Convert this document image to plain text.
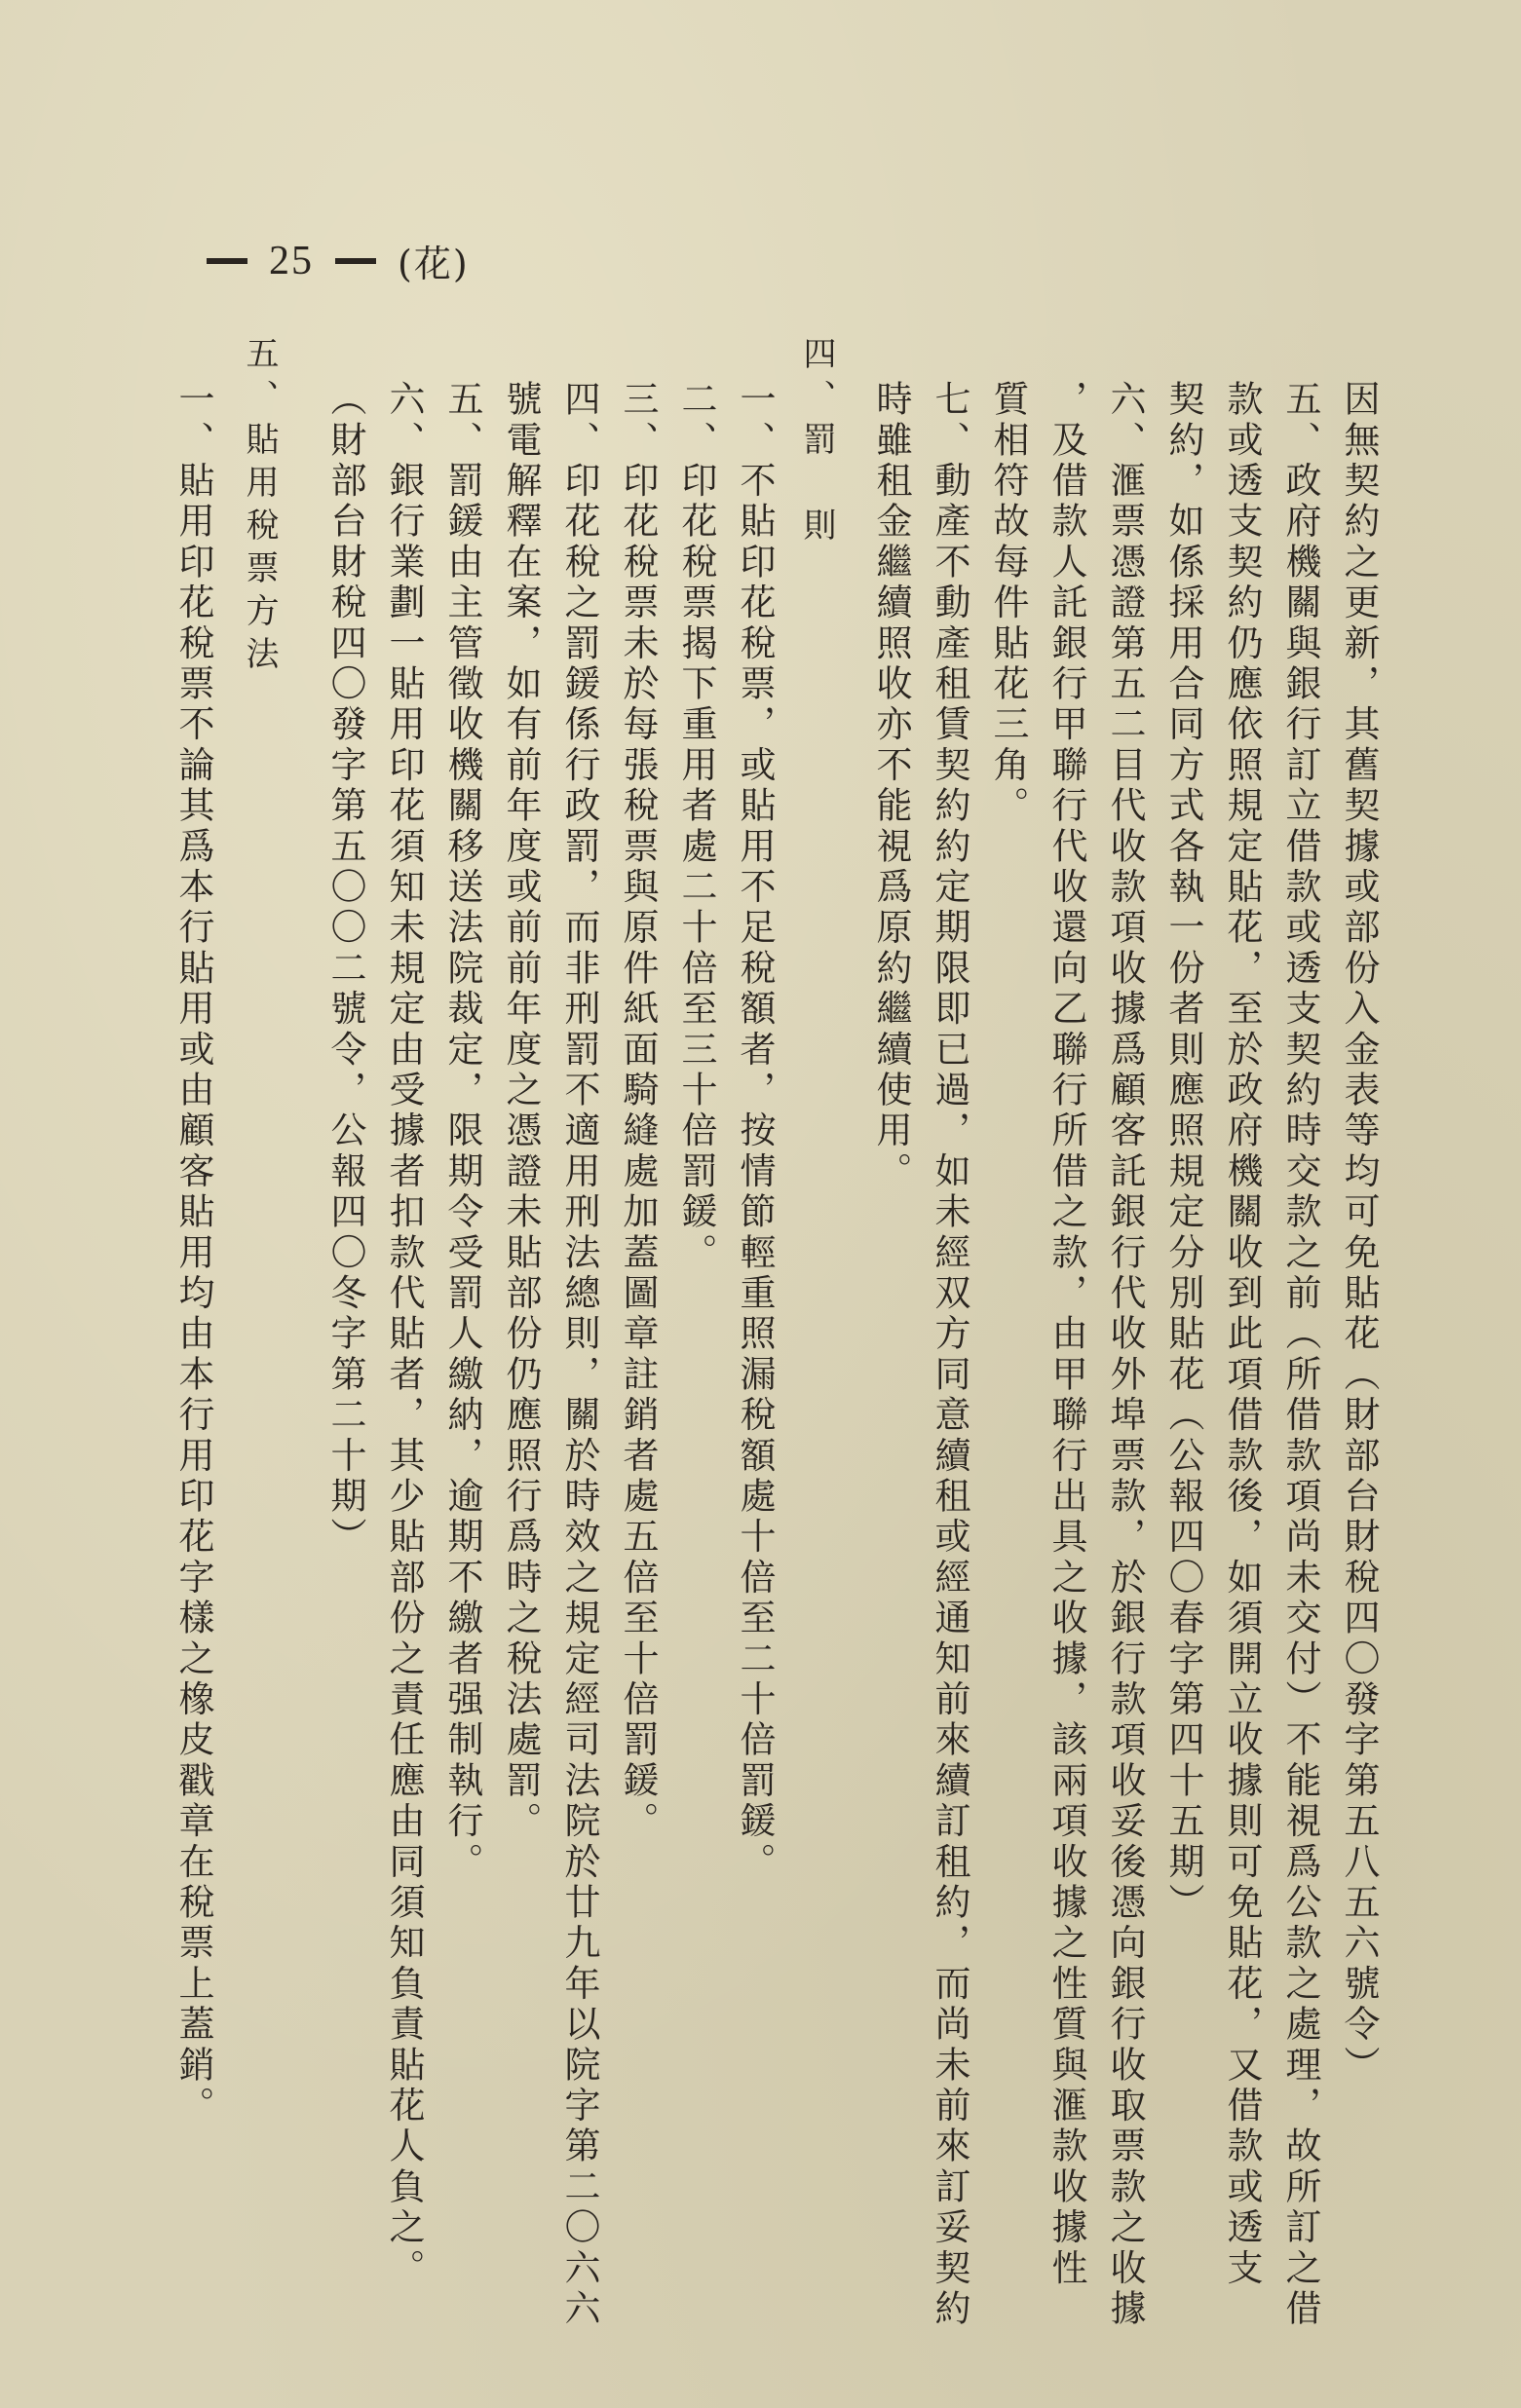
25 (花)
因無契約之更新，其舊契據或部份入金表等均可免貼花（財部台財稅四〇發字第五八五六號令）
五、政府機關與銀行訂立借款或透支契約時交款之前（所借款項尚未交付）不能視爲公款之處理，故所訂之借
款或透支契約仍應依照規定貼花，至於政府機關收到此項借款後，如須開立收據則可免貼花，又借款或透支
契約，如係採用合同方式各執一份者則應照規定分別貼花（公報四〇春字第四十五期）
六、滙票憑證第五二目代收款項收據爲顧客託銀行代收外埠票款，於銀行款項收妥後憑向銀行收取票款之收據
，及借款人託銀行甲聯行代收還向乙聯行所借之款，由甲聯行出具之收據，該兩項收據之性質與滙款收據性
質相符故每件貼花三角。
七、動產不動產租賃契約約定期限即已過，如未經双方同意續租或經通知前來續訂租約，而尚未前來訂妥契約
時雖租金繼續照收亦不能視爲原約繼續使用。
四、罰　則
一、不貼印花稅票，或貼用不足稅額者，按情節輕重照漏稅額處十倍至二十倍罰鍰。
二、印花稅票揭下重用者處二十倍至三十倍罰鍰。
三、印花稅票未於每張稅票與原件紙面騎縫處加蓋圖章註銷者處五倍至十倍罰鍰。
四、印花稅之罰鍰係行政罰，而非刑罰不適用刑法總則，關於時效之規定經司法院於廿九年以院字第二〇六六
號電解釋在案，如有前年度或前前年度之憑證未貼部份仍應照行爲時之稅法處罰。
五、罰鍰由主管徵收機關移送法院裁定，限期令受罰人繳納，逾期不繳者强制執行。
六、銀行業劃一貼用印花須知未規定由受據者扣款代貼者，其少貼部份之責任應由同須知負責貼花人負之。
（財部台財稅四〇發字第五〇〇二號令，公報四〇冬字第二十期）
五、貼用稅票方法
一、貼用印花稅票不論其爲本行貼用或由顧客貼用均由本行用印花字樣之橡皮戳章在稅票上蓋銷。
